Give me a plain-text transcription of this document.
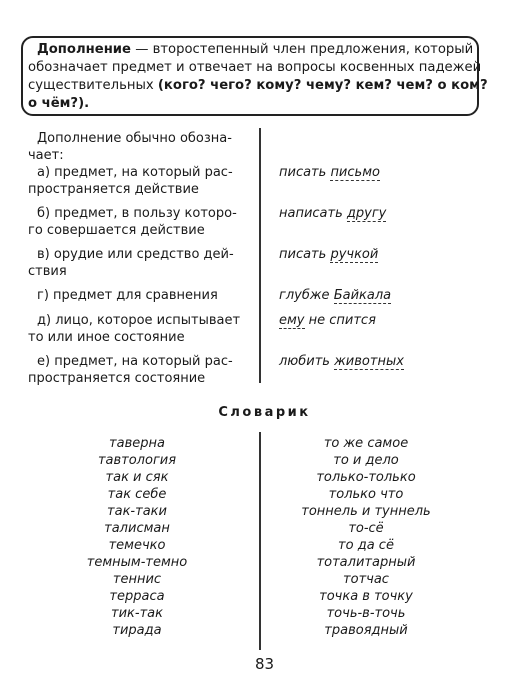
Дополнение — второстепенный член предложения, который
обозначает предмет и отвечает на вопросы косвенных падежей
существительных (кого? чего? кому? чему? кем? чем? о ком?
о чём?).
Дополнение обычно обозна-
чает:
а) предмет, на который рас-
пространяется действие
писать письмо
б) предмет, в пользу которо-
го совершается действие
написать другу
в) орудие или средство дей-
ствия
писать ручкой
г) предмет для сравнения	глубже Байкала
д) лицо, которое испытывает
то или иное состояние
ему не спится
е) предмет, на который рас-
пространяется состояние
любить животных
Словарик
таверна
тавтология
так и сяк
так себе
так-таки
талисман
темечко
темным-темно
теннис
терраса
тик-так
тирада
то же самое
то и дело
только-только
только что
тоннель и туннель
то-сё
то да сё
тоталитарный
тотчас
точка в точку
точь-в-точь
травоядный
83
